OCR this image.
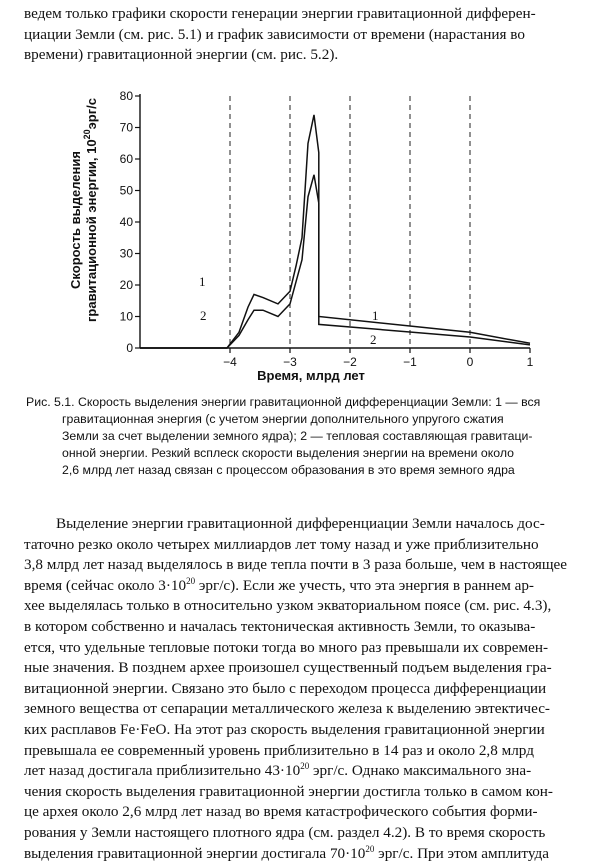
ведем только графики скорости генерации энергии гравитационной дифферен-
циации Земли (см. рис. 5.1) и график зависимости от времени (нарастания во
времени) гравитационной энергии (см. рис. 5.2).
−4	−3	−2	−1	0	1
0
10
20
30
40
50
60
70
80
1
2	1
2
Время, млрд лет
Скорость выделения гравитационной энергии, $10^{20}эрг/с$
Рис. 5.1. Скорость выделения энергии гравитационной дифференциации Земли: 1 — вся
гравитационная энергия (с учетом энергии дополнительного упругого сжатия
Земли за счет выделении земного ядра); 2 — тепловая составляющая гравитаци-
онной энергии. Резкий всплеск скорости выделения энергии на времени около
2,6 млрд лет назад связан с процессом образования в это время земного ядра
Выделение энергии гравитационной дифференциации Земли началось дос-
таточно резко около четырех миллиардов лет тому назад и уже приблизительно
3,8 млрд лет назад выделялось в виде тепла почти в 3 раза больше, чем в настоящее
время (сейчас около $3\cdot 10^{20}$ эрг/с). Если же учесть, что эта энергия в раннем ар-
хее выделялась только в относительно узком экваториальном поясе (см. рис. 4.3),
в котором собственно и началась тектоническая активность Земли, то оказыва-
ется, что удельные тепловые потоки тогда во много раз превышали их современ-
ные значения. В позднем архее произошел существенный подъем выделения гра-
витационной энергии. Связано это было с переходом процесса дифференциации
земного вещества от сепарации металлического железа к выделению эвтектичес-
ких расплавов Fe·FeO. На этот раз скорость выделения гравитационной энергии
превышала ее современный уровень приблизительно в 14 раз и около 2,8 млрд
лет назад достигала приблизительно $43\cdot 10^{20}$ эрг/с. Однако максимального зна-
чения скорость выделения гравитационной энергии достигла только в самом кон-
це архея около 2,6 млрд лет назад во время катастрофического события форми-
рования у Земли настоящего плотного ядра (см. раздел 4.2). В то время скорость
выделения гравитационной энергии достигала $70\cdot 10^{20}$ эрг/с. При этом амплитуда
